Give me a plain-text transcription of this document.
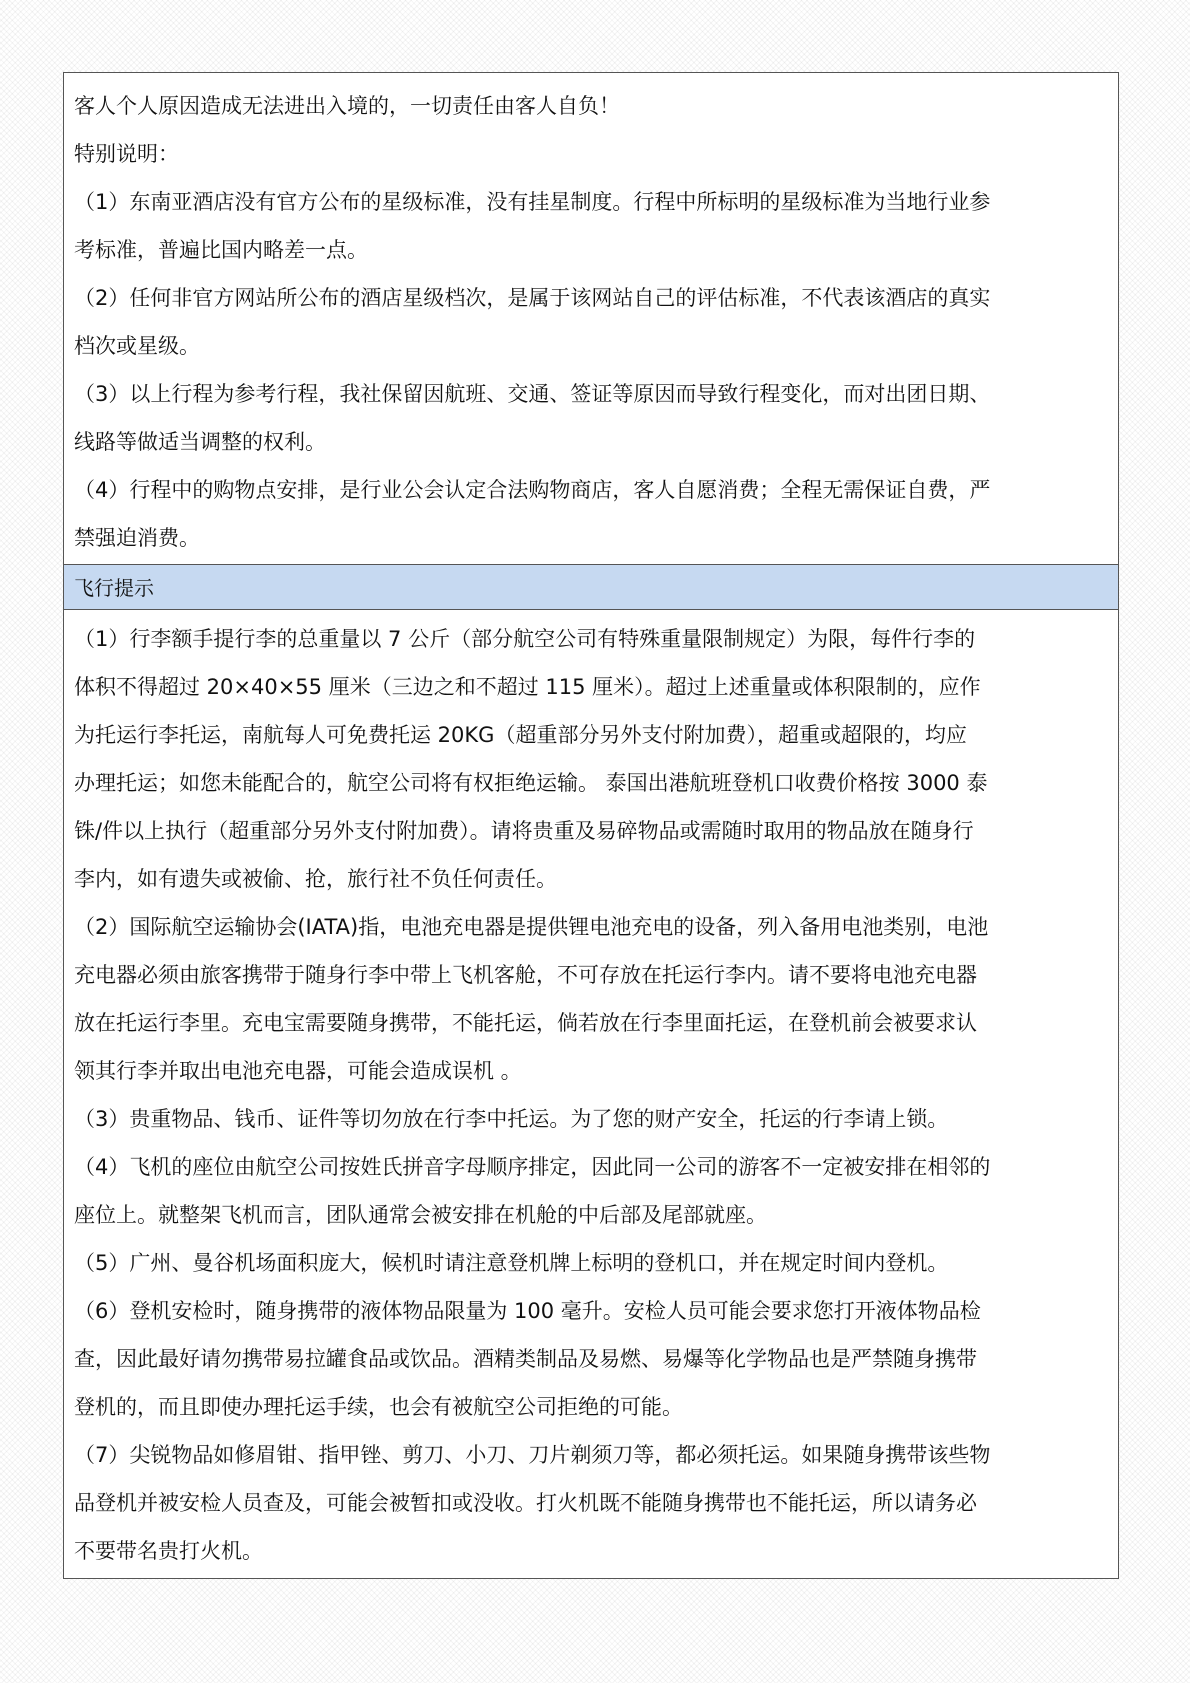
客人个人原因造成无法进出入境的，一切责任由客人自负！

特别说明：

（1）东南亚酒店没有官方公布的星级标准，没有挂星制度。行程中所标明的星级标准为当地行业参

考标准，普遍比国内略差一点。

（2）任何非官方网站所公布的酒店星级档次，是属于该网站自己的评估标准，不代表该酒店的真实

档次或星级。

（3）以上行程为参考行程，我社保留因航班、交通、签证等原因而导致行程变化，而对出团日期、

线路等做适当调整的权利。

（4）行程中的购物点安排，是行业公会认定合法购物商店，客人自愿消费；全程无需保证自费，严

禁强迫消费。

飞行提示

（1）行李额手提行李的总重量以 7 公斤（部分航空公司有特殊重量限制规定）为限，每件行李的

体积不得超过 20×40×55 厘米（三边之和不超过 115 厘米）。超过上述重量或体积限制的，应作

为托运行李托运，南航每人可免费托运 20KG（超重部分另外支付附加费），超重或超限的，均应

办理托运；如您未能配合的，航空公司将有权拒绝运输。 泰国出港航班登机口收费价格按 3000 泰

铢/件以上执行（超重部分另外支付附加费）。请将贵重及易碎物品或需随时取用的物品放在随身行

李内，如有遗失或被偷、抢，旅行社不负任何责任。

（2）国际航空运输协会(IATA)指，电池充电器是提供锂电池充电的设备，列入备用电池类别，电池

充电器必须由旅客携带于随身行李中带上飞机客舱，不可存放在托运行李内。请不要将电池充电器

放在托运行李里。充电宝需要随身携带，不能托运，倘若放在行李里面托运，在登机前会被要求认

领其行李并取出电池充电器，可能会造成误机 。

（3）贵重物品、钱币、证件等切勿放在行李中托运。为了您的财产安全，托运的行李请上锁。

（4）飞机的座位由航空公司按姓氏拼音字母顺序排定，因此同一公司的游客不一定被安排在相邻的

座位上。就整架飞机而言，团队通常会被安排在机舱的中后部及尾部就座。

（5）广州、曼谷机场面积庞大，候机时请注意登机牌上标明的登机口，并在规定时间内登机。

（6）登机安检时，随身携带的液体物品限量为 100 毫升。安检人员可能会要求您打开液体物品检

查，因此最好请勿携带易拉罐食品或饮品。酒精类制品及易燃、易爆等化学物品也是严禁随身携带

登机的，而且即使办理托运手续，也会有被航空公司拒绝的可能。

（7）尖锐物品如修眉钳、指甲锉、剪刀、小刀、刀片剃须刀等，都必须托运。如果随身携带该些物

品登机并被安检人员查及，可能会被暂扣或没收。打火机既不能随身携带也不能托运，所以请务必

不要带名贵打火机。
